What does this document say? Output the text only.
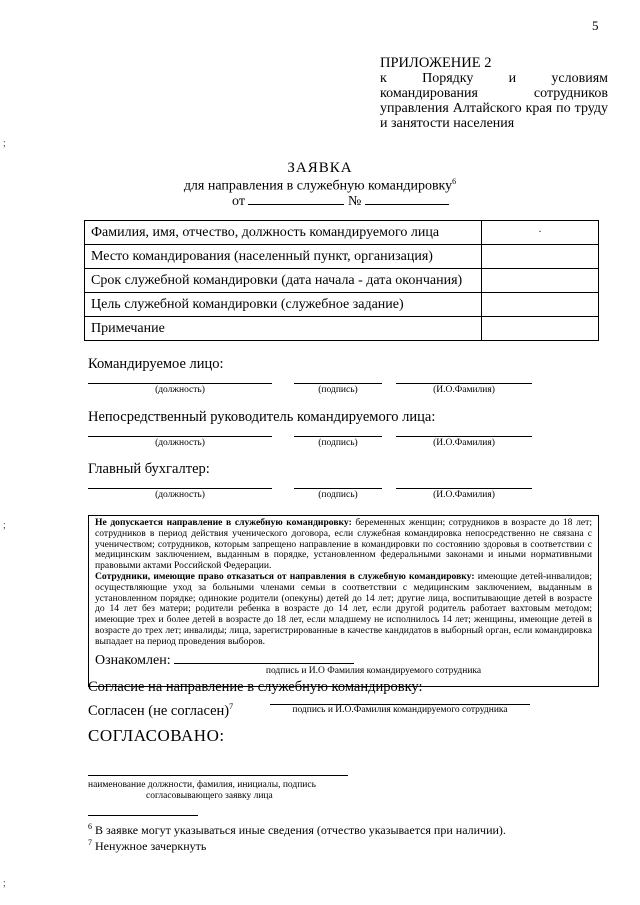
5
;
;
;
ПРИЛОЖЕНИЕ 2
к Порядку и условиям командирования сотрудников управления Алтайского края по труду и занятости населения
ЗАЯВКА
для направления в служебную командировку$^6$
от	№
Фамилия, имя, отчество, должность командируемого лица	·
Место командирования (населенный пункт, организация)	
Срок служебной командировки (дата начала - дата окончания)	
Цель служебной командировки (служебное задание)	
Примечание	
Командируемое лицо:
(должность)	(подпись)	(И.О.Фамилия)
Непосредственный руководитель командируемого лица:
(должность)	(подпись)	(И.О.Фамилия)
Главный бухгалтер:
(должность)	(подпись)	(И.О.Фамилия)
Не допускается направление в служебную командировку: беременных женщин; сотрудников в возрасте до 18 лет; сотрудников в период действия ученического договора, если служебная командировка непосредственно не связана с ученичеством; сотрудников, которым запрещено направление в командировки по состоянию здоровья в соответствии с медицинским заключением, выданным в порядке, установленном федеральными законами и иными нормативными правовыми актами Российской Федерации.
Сотрудники, имеющие право отказаться от направления в служебную командировку: имеющие детей-инвалидов; осуществляющие уход за больными членами семьи в соответствии с медицинским заключением, выданным в установленном порядке; одинокие родители (опекуны) детей до 14 лет; другие лица, воспитывающие детей в возрасте до 14 лет без матери; родители ребенка в возрасте до 14 лет, если другой родитель работает вахтовым методом; имеющие трех и более детей в возрасте до 18 лет, если младшему не исполнилось 14 лет; женщины, имеющие детей в возрасте до трех лет; инвалиды; лица, зарегистрированные в качестве кандидатов в выборный орган, если командировка выпадает на период проведения выборов.
Ознакомлен:
подпись и И.О Фамилия командируемого сотрудника
Согласие на направление в служебную командировку:
Согласен (не согласен)$^7$	подпись и И.О.Фамилия командируемого сотрудника
СОГЛАСОВАНО:
наименование должности, фамилия, инициалы, подпись
согласовывающего заявку лица
$^6$ В заявке могут указываться иные сведения (отчество указывается при наличии).
$^7$ Ненужное зачеркнуть
